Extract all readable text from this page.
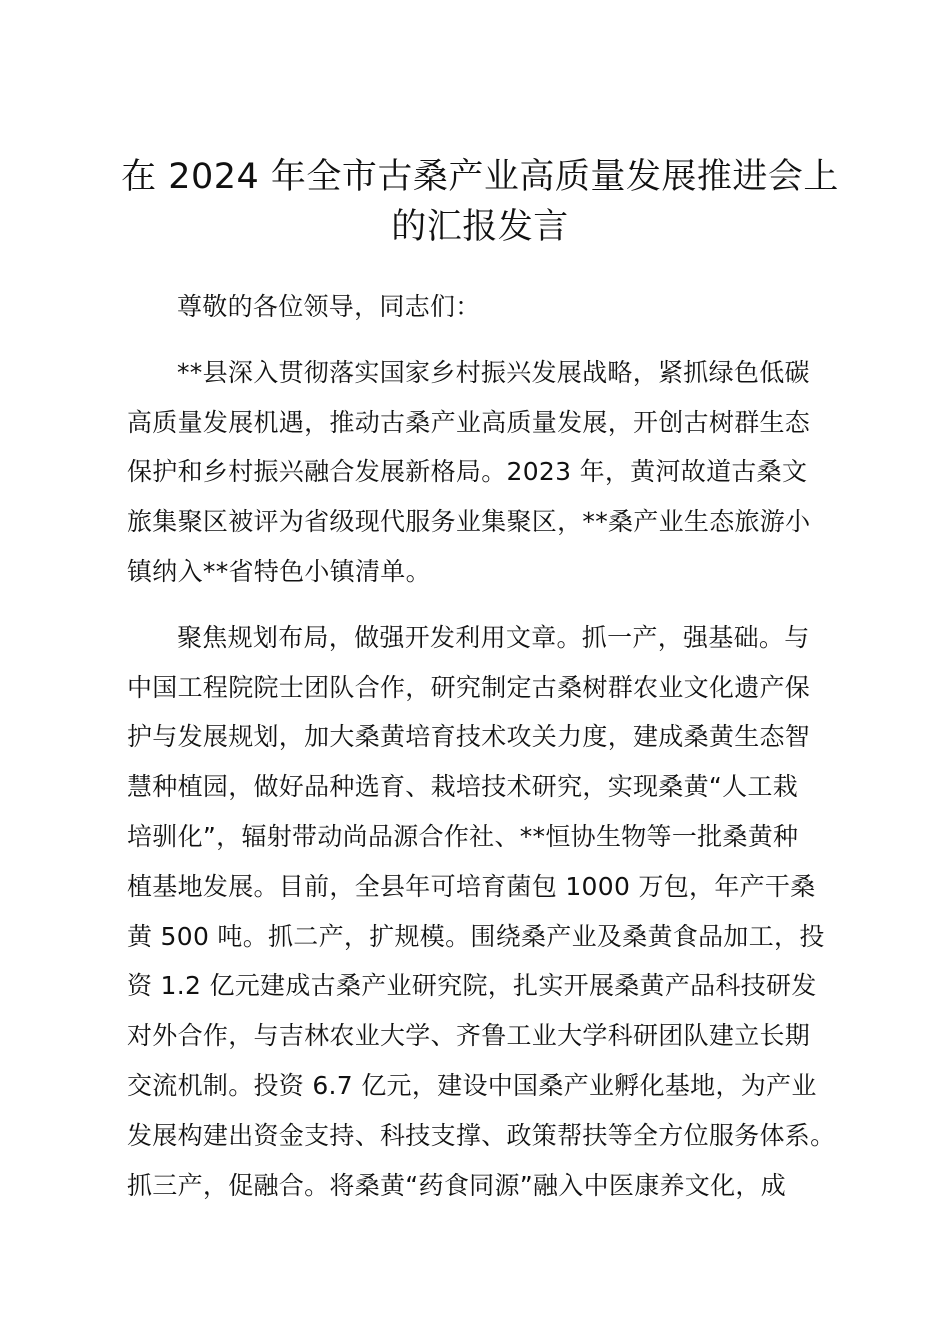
在 2024 年全市古桑产业高质量发展推进会上
的汇报发言
尊敬的各位领导，同志们：
**县深入贯彻落实国家乡村振兴发展战略，紧抓绿色低碳
高质量发展机遇，推动古桑产业高质量发展，开创古树群生态
保护和乡村振兴融合发展新格局。2023 年，黄河故道古桑文
旅集聚区被评为省级现代服务业集聚区，**桑产业生态旅游小
镇纳入**省特色小镇清单。
聚焦规划布局，做强开发利用文章。抓一产，强基础。与
中国工程院院士团队合作，研究制定古桑树群农业文化遗产保
护与发展规划，加大桑黄培育技术攻关力度，建成桑黄生态智
慧种植园，做好品种选育、栽培技术研究，实现桑黄“人工栽
培驯化”，辐射带动尚品源合作社、**恒协生物等一批桑黄种
植基地发展。目前，全县年可培育菌包 1000 万包，年产干桑
黄 500 吨。抓二产，扩规模。围绕桑产业及桑黄食品加工，投
资 1.2 亿元建成古桑产业研究院，扎实开展桑黄产品科技研发
对外合作，与吉林农业大学、齐鲁工业大学科研团队建立长期
交流机制。投资 6.7 亿元，建设中国桑产业孵化基地，为产业
发展构建出资金支持、科技支撑、政策帮扶等全方位服务体系。
抓三产，促融合。将桑黄“药食同源”融入中医康养文化，成
